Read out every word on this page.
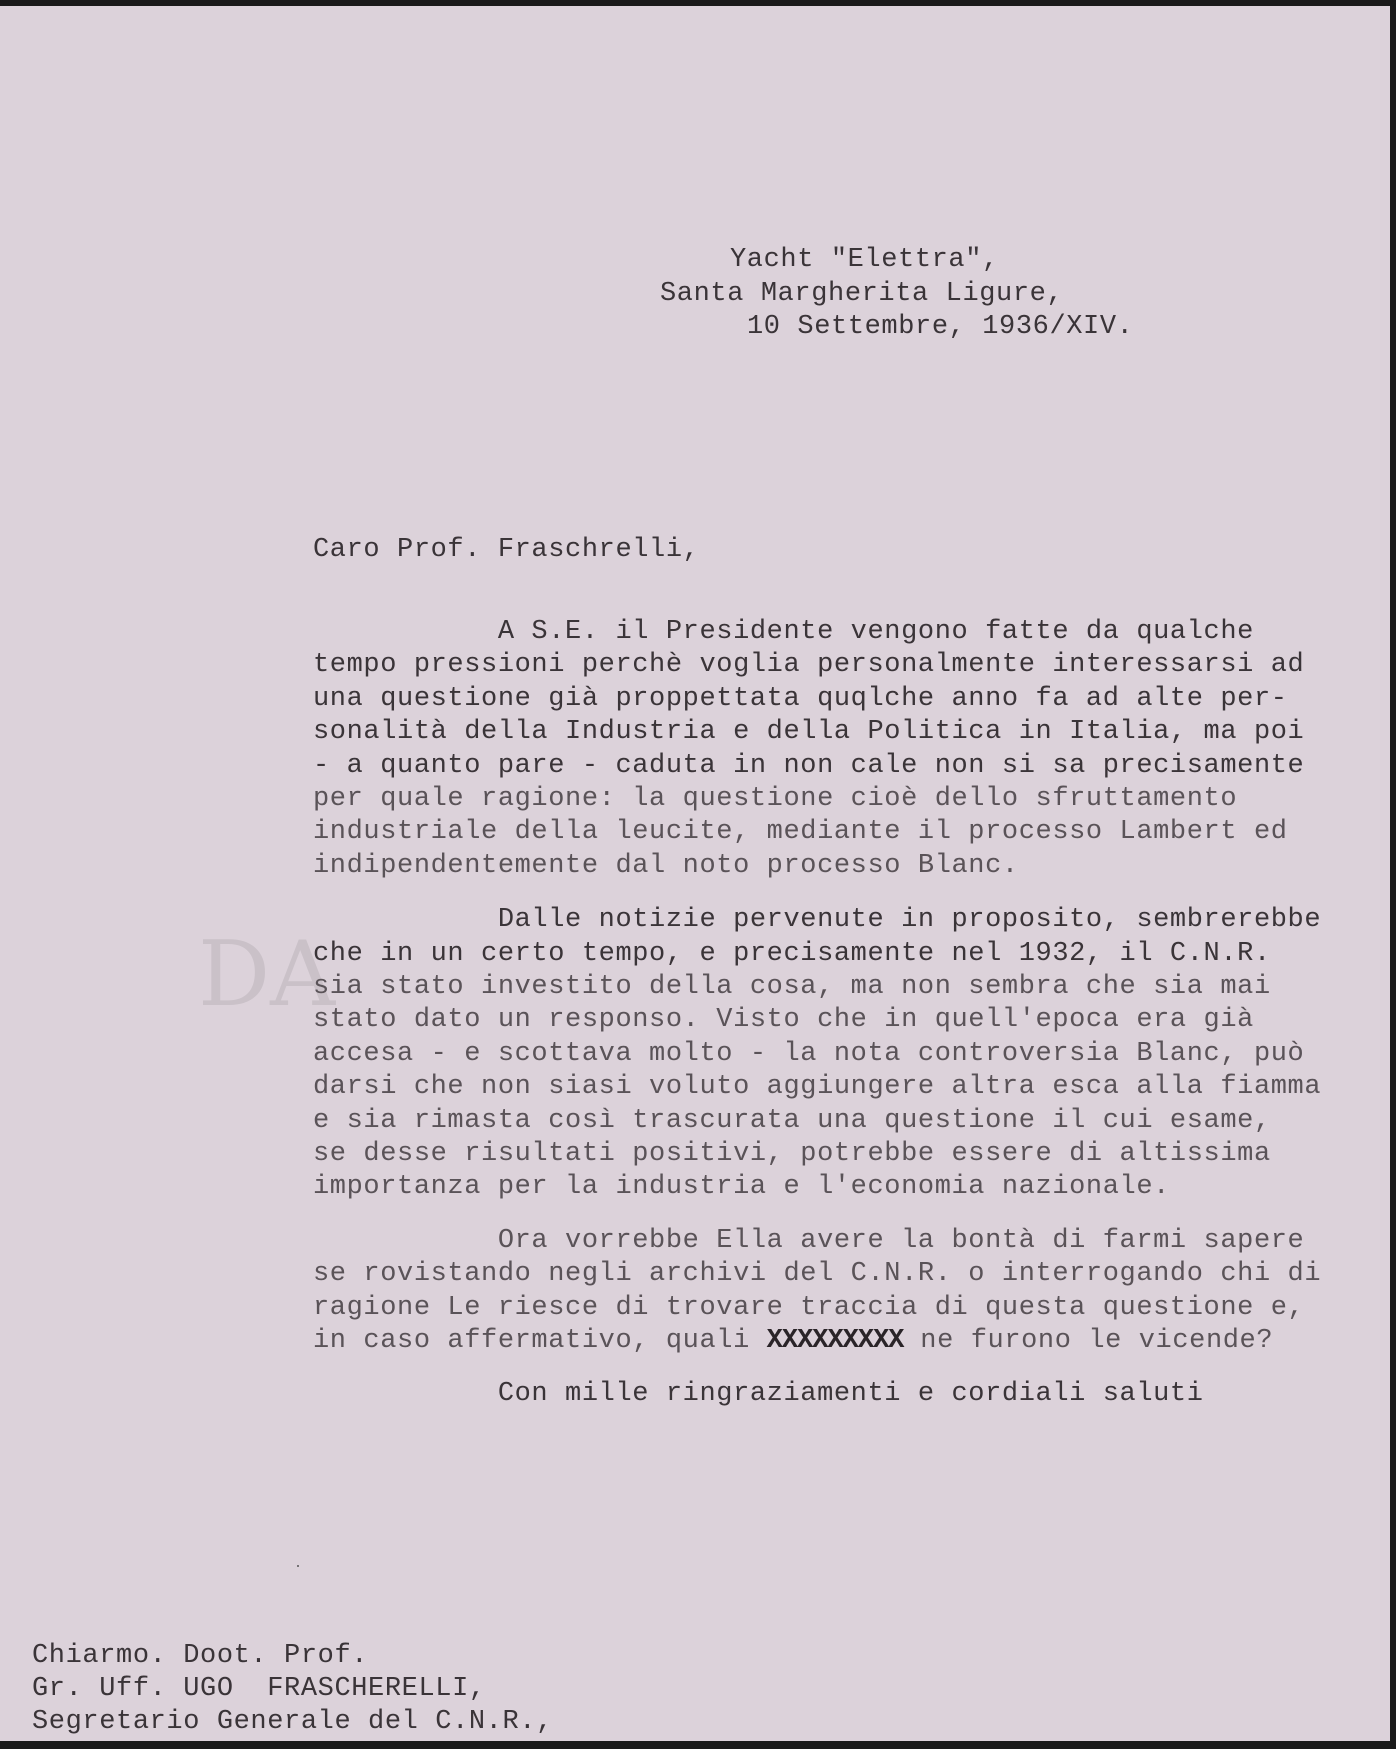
DA
Yacht "Elettra",
Santa Margherita Ligure,
10 Settembre, 1936/XIV.
Caro Prof. Fraschrelli,
A S.E. il Presidente vengono fatte da qualche
tempo pressioni perchè voglia personalmente interessarsi ad
una questione già proppettata quqlche anno fa ad alte per-
sonalità della Industria e della Politica in Italia, ma poi
- a quanto pare - caduta in non cale non si sa precisamente
per quale ragione: la questione cioè dello sfruttamento
industriale della leucite, mediante il processo Lambert ed
indipendentemente dal noto processo Blanc.
Dalle notizie pervenute in proposito, sembrerebbe
che in un certo tempo, e precisamente nel 1932, il C.N.R.
sia stato investito della cosa, ma non sembra che sia mai
stato dato un responso. Visto che in quell'epoca era già
accesa - e scottava molto - la nota controversia Blanc, può
darsi che non siasi voluto aggiungere altra esca alla fiamma
e sia rimasta così trascurata una questione il cui esame,
se desse risultati positivi, potrebbe essere di altissima
importanza per la industria e l'economia nazionale.
Ora vorrebbe Ella avere la bontà di farmi sapere
se rovistando negli archivi del C.N.R. o interrogando chi di
ragione Le riesce di trovare traccia di questa questione e,
in caso affermativo, quali XXXXXXXXX ne furono le vicende?
Con mille ringraziamenti e cordiali saluti
Chiarmo. Doot. Prof.
Gr. Uff. UGO  FRASCHERELLI,
Segretario Generale del C.N.R.,
